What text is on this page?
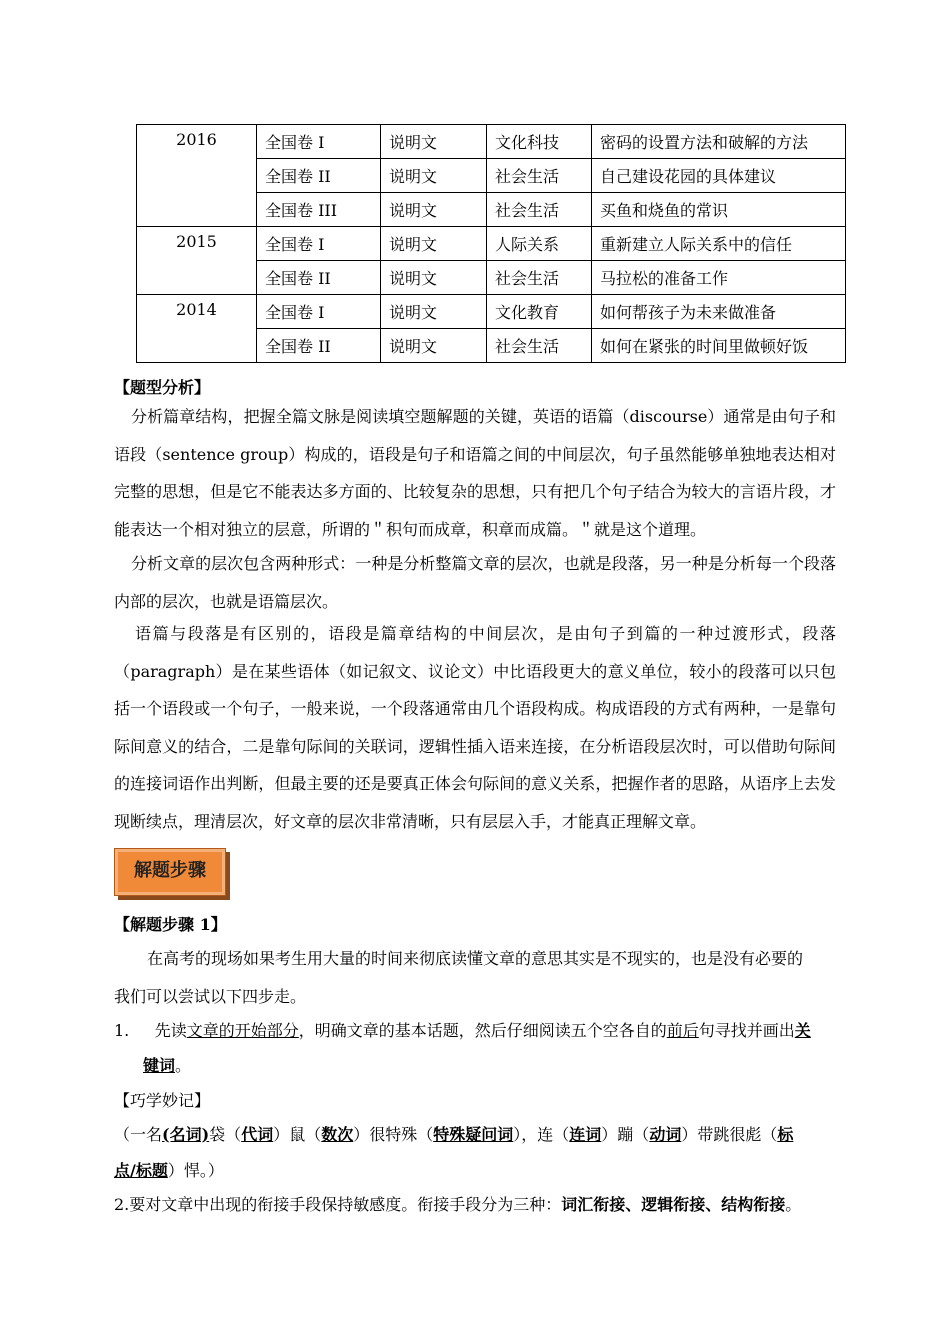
2016	全国卷 I	说明文	文化科技	密码的设置方法和破解的方法
	全国卷 II	说明文	社会生活	自己建设花园的具体建议
	全国卷 III	说明文	社会生活	买鱼和烧鱼的常识
2015	全国卷 I	说明文	人际关系	重新建立人际关系中的信任
	全国卷 II	说明文	社会生活	马拉松的准备工作
2014	全国卷 I	说明文	文化教育	如何帮孩子为未来做准备
	全国卷 II	说明文	社会生活	如何在紧张的时间里做顿好饭
【题型分析】
分析篇章结构，把握全篇文脉是阅读填空题解题的关键，英语的语篇（discourse）通常是由句子和语段（sentence group）构成的，语段是句子和语篇之间的中间层次，句子虽然能够单独地表达相对完整的思想，但是它不能表达多方面的、比较复杂的思想，只有把几个句子结合为较大的言语片段，才能表达一个相对独立的层意，所谓的＂积句而成章，积章而成篇。＂就是这个道理。
分析文章的层次包含两种形式：一种是分析整篇文章的层次，也就是段落，另一种是分析每一个段落内部的层次，也就是语篇层次。
语篇与段落是有区别的，语段是篇章结构的中间层次，是由句子到篇的一种过渡形式，段落（paragraph）是在某些语体（如记叙文、议论文）中比语段更大的意义单位，较小的段落可以只包括一个语段或一个句子，一般来说，一个段落通常由几个语段构成。构成语段的方式有两种，一是靠句际间意义的结合，二是靠句际间的关联词，逻辑性插入语来连接，在分析语段层次时，可以借助句际间的连接词语作出判断，但最主要的还是要真正体会句际间的意义关系，把握作者的思路，从语序上去发现断续点，理清层次，好文章的层次非常清晰，只有层层入手，才能真正理解文章。
解题步骤
【解题步骤 1】
在高考的现场如果考生用大量的时间来彻底读懂文章的意思其实是不现实的，也是没有必要的
我们可以尝试以下四步走。
1. 先读文章的开始部分，明确文章的基本话题，然后仔细阅读五个空各自的前后句寻找并画出关
键词。
【巧学妙记】
（一名(名词)袋（代词）鼠（数次）很特殊（特殊疑问词），连（连词）蹦（动词）带跳很彪（标
点/标题）悍。）
2.要对文章中出现的衔接手段保持敏感度。衔接手段分为三种：词汇衔接、逻辑衔接、结构衔接。
